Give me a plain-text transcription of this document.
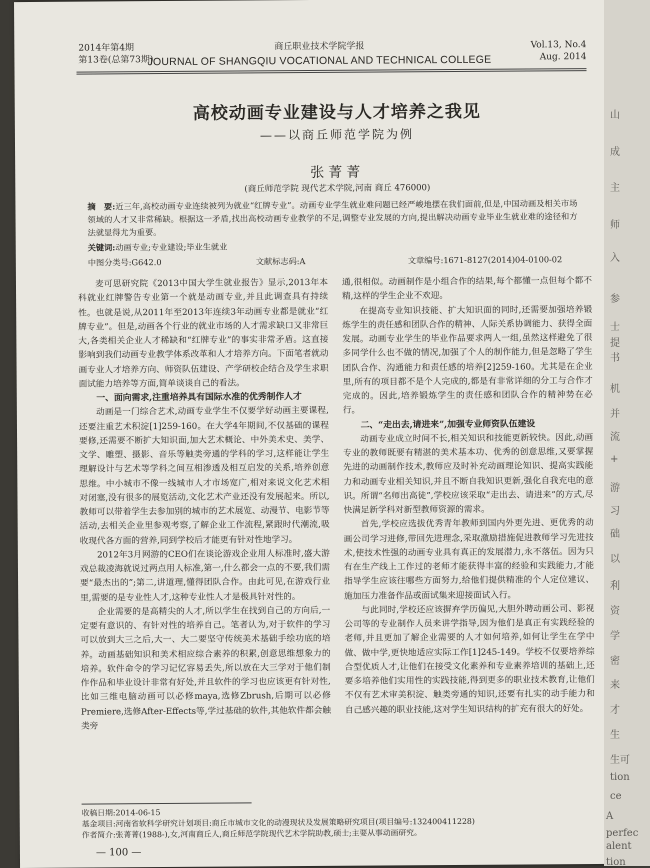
2014年第4期
第13卷(总第73期)
商丘职业技术学院学报
JOURNAL OF SHANGQIU VOCATIONAL AND TECHNICAL COLLEGE
Vol.13, No.4
Aug. 2014
高校动画专业建设与人才培养之我见
——以商丘师范学院为例
张菁菁
(商丘师范学院 现代艺术学院,河南 商丘 476000)
摘　要:近三年,高校动画专业连续被列为就业“红牌专业”。动画专业学生就业难问题已经严峻地摆在我们面前,但是,中国动画及相关市场领域的人才又非常稀缺。根据这一矛盾,找出高校动画专业教学的不足,调整专业发展的方向,提出解决动画专业毕业生就业难的途径和方法就显得尤为重要。
关键词:动画专业;专业建设;毕业生就业
中图分类号:G642.0	文献标志码:A	文章编号:1671-8127(2014)04-0100-02

麦可思研究院《2013中国大学生就业报告》显示,2013年本科就业红牌警告专业第一个就是动画专业,并且此调查具有持续性。也就是说,从2011年至2013年连续3年动画专业都是就业“红牌专业”。但是,动画各个行业的就业市场的人才需求缺口又非常巨大,各类相关企业人才稀缺和“红牌专业”的事实非常矛盾。这直接影响到我们动画专业教学体系改革和人才培养方向。下面笔者就动画专业人才培养方向、师资队伍建设、产学研校企结合及学生求职面试能力培养等方面,简单谈谈自己的看法。

一、面向需求,注重培养具有国际水准的优秀制作人才

动画是一门综合艺术,动画专业学生不仅要学好动画主要课程,还要注重艺术积淀[1]259-160。在大学4年期间,不仅基础的课程要修,还需要不断扩大知识面,加大艺术概论、中外美术史、美学、文学、雕塑、摄影、音乐等触类旁通的学科的学习,这样能让学生理解设计与艺术等学科之间互相渗透及相互启发的关系,培养创意思维。中小城市不像一线城市人才市场宽广,相对来说文化艺术相对闭塞,没有很多的展览活动,文化艺术产业还没有发展起来。所以,教师可以带着学生去参加别的城市的艺术展览、动漫节、电影节等活动,去相关企业里参观考察,了解企业工作流程,紧跟时代潮流,吸收现代各方面的营养,同到学校后才能更有针对性地学习。

2012年3月网游的CEO们在谈论游戏企业用人标准时,盛大游戏总裁凌海就说过两点用人标准,第一,什么都会一点的不要,我们需要“最杰出的”;第二,讲道理,懂得团队合作。由此可见,在游戏行业里,需要的是专业性人才,这种专业性人才是极具针对性的。

企业需要的是高精尖的人才,所以学生在找到自己的方向后,一定要有意识的、有针对性的培养自己。笔者认为,对于软件的学习可以放到大三之后,大一、大二要坚守传统美术基础手绘功底的培养。动画基础知识和美术相应综合素养的积累,创意思维想象力的培养。软件命令的学习记忆容易丢失,所以放在大三学对于他们制作作品和毕业设计非常有好处,并且软件的学习也应该更有针对性,比如三维电脑动画可以必修maya,选修Zbrush,后期可以必修Premiere,选修After-Effects等,学过基础的软件,其他软件都会触类旁

通,很相似。动画制作是小组合作的结果,每个都懂一点但每个都不精,这样的学生企业不欢迎。

在提高专业知识技能、扩大知识面的同时,还需要加强培养锻炼学生的责任感和团队合作的精神、人际关系协调能力、获得全面发展。动画专业学生的毕业作品要求两人一组,虽然这样避免了很多同学什么也不做的情况,加强了个人的制作能力,但是忽略了学生团队合作、沟通能力和责任感的培养[2]259-160。尤其是在企业里,所有的项目都不是个人完成的,都是有非常详细的分工与合作才完成的。因此,培养锻炼学生的责任感和团队合作的精神势在必行。

二、“走出去,请进来”,加强专业师资队伍建设

动画专业成立时间不长,相关知识和技能更新较快。因此,动画专业的教师既要有精湛的美术基本功、优秀的创意思维,又要掌握先进的动画制作技术,教师应及时补充动画理论知识、提高实践能力和动画专业相关知识,并且不断自我知识更新,强化自我充电的意识。所谓“名师出高徒”,学校应该采取“走出去、请进来”的方式,尽快满足新学科对新型教师资源的需求。

首先,学校应选拔优秀青年教师到国内外更先进、更优秀的动画公司学习进修,带回先进理念,采取激励措施促进教师学习先进技术,使技术性强的动画专业具有真正的发展潜力,永不落伍。因为只有在生产线上工作过的老师才能获得丰富的经验和实践能力,才能指导学生应该往哪些方面努力,给他们提供精准的个人定位建议、施加压力准备作品或面试集来迎接面试入行。

与此同时,学校还应该摒弃学历偏见,大胆外聘动画公司、影视公司等的专业制作人员来讲学指导,因为他们是真正有实践经验的老师,并且更加了解企业需要的人才如何培养,如何让学生在学中做、做中学,更快地适应实际工作[1]245-149。学校不仅要培养综合型优质人才,让他们在接受文化素养和专业素养培训的基础上,还要多培养他们实用性的实践技能,得到更多的职业技术教育,让他们不仅有艺术审美积淀、触类旁通的知识,还要有扎实的动手能力和自己感兴趣的职业技能,这对学生知识结构的扩充有很大的好处。

收稿日期:2014-06-15
基金项目:河南省软科学研究计划项目:商丘市城市文化的动漫现状及发展策略研究项目(项目编号:132400411228)
作者简介:张菁菁(1988-),女,河南商丘人,商丘师范学院现代艺术学院助教,硕士;主要从事动画研究。
— 100 —
山
成
主
师
入
参
士
提
书
机
并
流
+
游
习
础
以
利
资
学
密
来
才
生
生可
tion
ce
A
perfec
alent
tion
